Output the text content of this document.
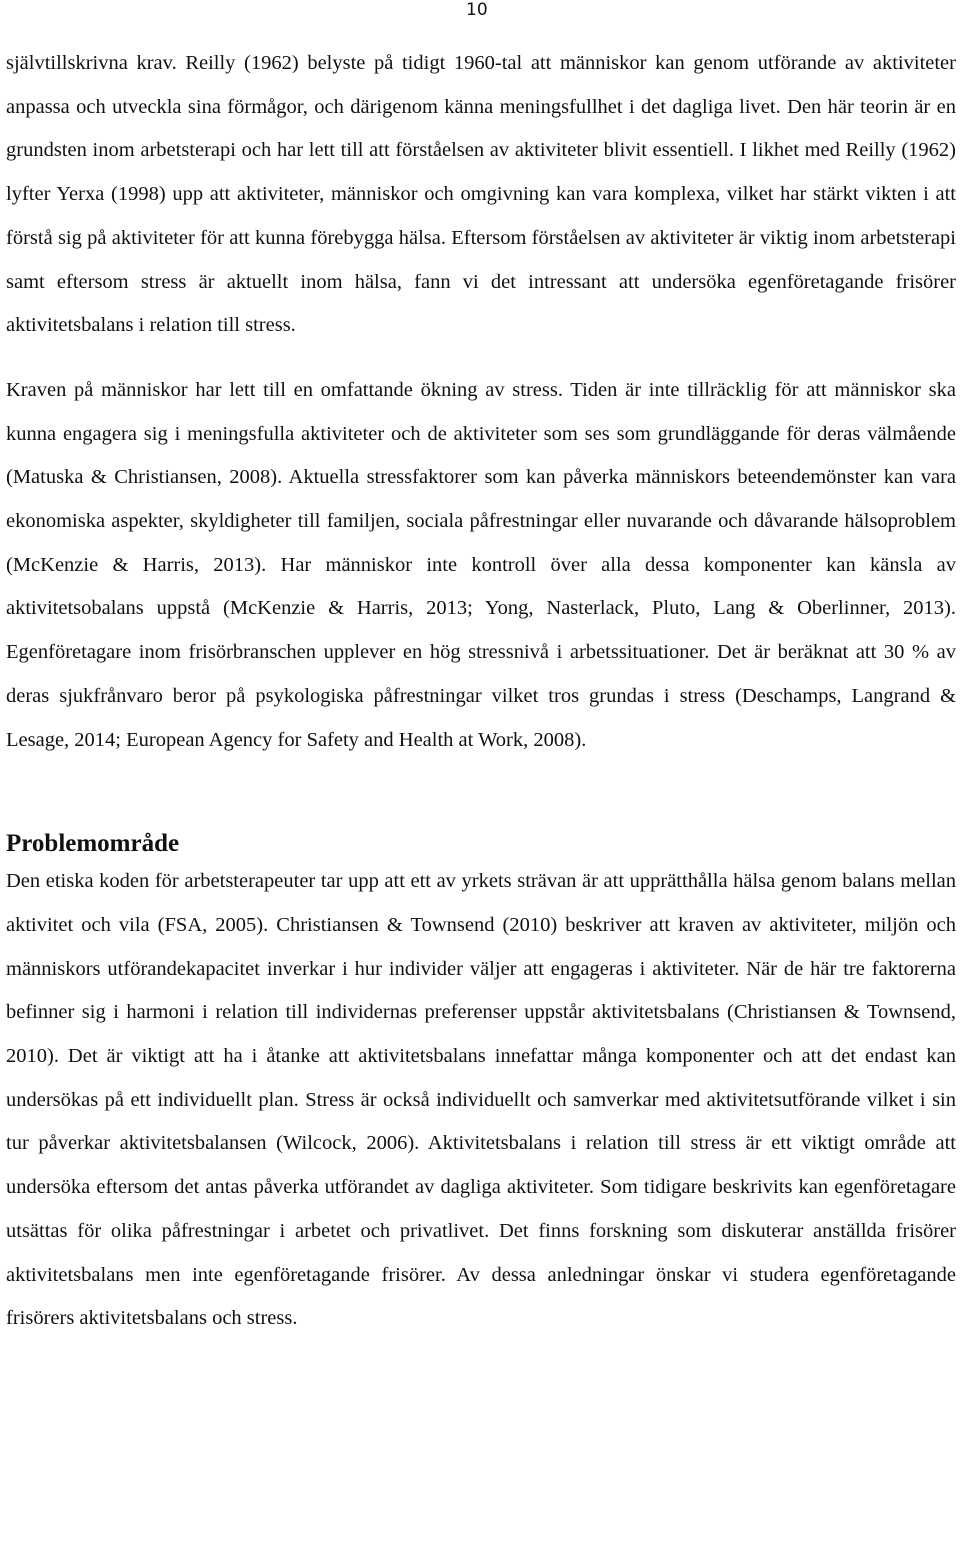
10

självtillskrivna krav. Reilly (1962) belyste på tidigt 1960-tal att människor kan genom utförande av aktiviteter anpassa och utveckla sina förmågor, och därigenom känna meningsfullhet i det dagliga livet. Den här teorin är en grundsten inom arbetsterapi och har lett till att förståelsen av aktiviteter blivit essentiell. I likhet med Reilly (1962) lyfter Yerxa (1998) upp att aktiviteter, människor och omgivning kan vara komplexa, vilket har stärkt vikten i att förstå sig på aktiviteter för att kunna förebygga hälsa. Eftersom förståelsen av aktiviteter är viktig inom arbetsterapi samt eftersom stress är aktuellt inom hälsa, fann vi det intressant att undersöka egenföretagande frisörer aktivitetsbalans i relation till stress.

Kraven på människor har lett till en omfattande ökning av stress. Tiden är inte tillräcklig för att människor ska kunna engagera sig i meningsfulla aktiviteter och de aktiviteter som ses som grundläggande för deras välmående (Matuska & Christiansen, 2008). Aktuella stressfaktorer som kan påverka människors beteendemönster kan vara ekonomiska aspekter, skyldigheter till familjen, sociala påfrestningar eller nuvarande och dåvarande hälsoproblem (McKenzie & Harris, 2013). Har människor inte kontroll över alla dessa komponenter kan känsla av aktivitetsobalans uppstå (McKenzie & Harris, 2013; Yong, Nasterlack, Pluto, Lang & Oberlinner, 2013). Egenföretagare inom frisörbranschen upplever en hög stressnivå i arbetssituationer. Det är beräknat att 30 % av deras sjukfrånvaro beror på psykologiska påfrestningar vilket tros grundas i stress (Deschamps, Langrand & Lesage, 2014; European Agency for Safety and Health at Work, 2008).

Problemområde

Den etiska koden för arbetsterapeuter tar upp att ett av yrkets strävan är att upprätthålla hälsa genom balans mellan aktivitet och vila (FSA, 2005). Christiansen & Townsend (2010) beskriver att kraven av aktiviteter, miljön och människors utförandekapacitet inverkar i hur individer väljer att engageras i aktiviteter. När de här tre faktorerna befinner sig i harmoni i relation till individernas preferenser uppstår aktivitetsbalans (Christiansen & Townsend, 2010). Det är viktigt att ha i åtanke att aktivitetsbalans innefattar många komponenter och att det endast kan undersökas på ett individuellt plan. Stress är också individuellt och samverkar med aktivitetsutförande vilket i sin tur påverkar aktivitetsbalansen (Wilcock, 2006). Aktivitetsbalans i relation till stress är ett viktigt område att undersöka eftersom det antas påverka utförandet av dagliga aktiviteter. Som tidigare beskrivits kan egenföretagare utsättas för olika påfrestningar i arbetet och privatlivet. Det finns forskning som diskuterar anställda frisörer aktivitetsbalans men inte egenföretagande frisörer. Av dessa anledningar önskar vi studera egenföretagande frisörers aktivitetsbalans och stress.
